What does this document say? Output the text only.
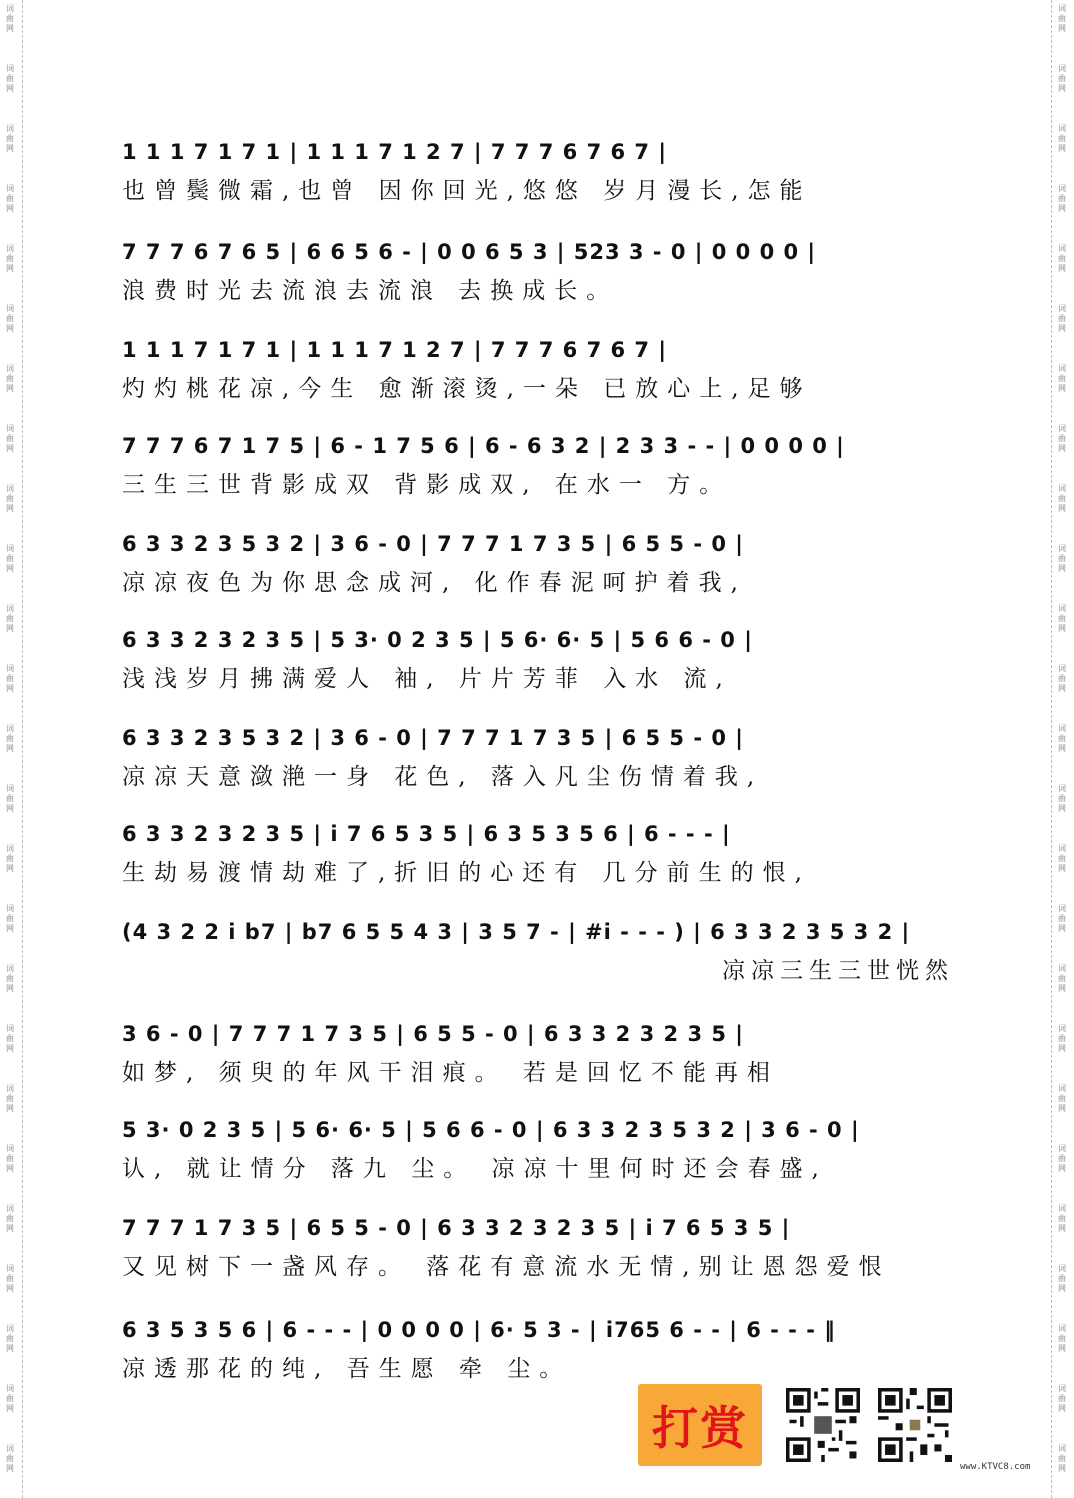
词
曲
网
词
曲
网
词
曲
网
词
曲
网
词
曲
网
词
曲
网
词
曲
网
词
曲
网
词
曲
网
词
曲
网
词
曲
网
词
曲
网
词
曲
网
词
曲
网
词
曲
网
词
曲
网
词
曲
网
词
曲
网
词
曲
网
词
曲
网
词
曲
网
词
曲
网
词
曲
网
词
曲
网
词
曲
网
词
曲
网
词
曲
网
词
曲
网
词
曲
网
词
曲
网
词
曲
网
词
曲
网
词
曲
网
词
曲
网
词
曲
网
词
曲
网
词
曲
网
词
曲
网
词
曲
网
词
曲
网
词
曲
网
词
曲
网
词
曲
网
词
曲
网
词
曲
网
词
曲
网
词
曲
网
词
曲
网
词
曲
网
词
曲
网
1 1 1 7 1 7 1 | 1 1 1 7 1 2 7 | 7 7 7 6 7 6 7 |
也曾鬓微霜,也曾 因你回光,悠悠 岁月漫长,怎能
7 7 7 6 7 6 5 | 6 6 5 6 - | 0 0 6 5 3 | 523 3 - 0 | 0 0 0 0 |
浪费时光去流浪去流浪 去换成长。
1 1 1 7 1 7 1 | 1 1 1 7 1 2 7 | 7 7 7 6 7 6 7 |
灼灼桃花凉,今生 愈渐滚烫,一朵 已放心上,足够
7 7 7 6 7 1 7 5 | 6 - 1 7 5 6 | 6 - 6 3 2 | 2 3 3 - - | 0 0 0 0 |
三生三世背影成双 背影成双, 在水一 方。
6 3 3 2 3 5 3 2 | 3 6 - 0 | 7 7 7 1 7 3 5 | 6 5 5 - 0 |
凉凉夜色为你思念成河, 化作春泥呵护着我,
6 3 3 2 3 2 3 5 | 5 3· 0 2 3 5 | 5 6· 6· 5 | 5 6 6 - 0 |
浅浅岁月拂满爱人 袖, 片片芳菲 入水 流,
6 3 3 2 3 5 3 2 | 3 6 - 0 | 7 7 7 1 7 3 5 | 6 5 5 - 0 |
凉凉天意潋滟一身 花色, 落入凡尘伤情着我,
6 3 3 2 3 2 3 5 | i 7 6 5 3 5 | 6 3 5 3 5 6 | 6 - - - |
生劫易渡情劫难了,折旧的心还有 几分前生的恨,
(4 3 2 2 i b7 | b7 6 5 5 4 3 | 3 5 7 - | #i - - - ) | 6 3 3 2 3 5 3 2 |
凉凉三生三世恍然
3 6 - 0 | 7 7 7 1 7 3 5 | 6 5 5 - 0 | 6 3 3 2 3 2 3 5 |
如梦, 须臾的年风干泪痕。 若是回忆不能再相
5 3· 0 2 3 5 | 5 6· 6· 5 | 5 6 6 - 0 | 6 3 3 2 3 5 3 2 | 3 6 - 0 |
认, 就让情分 落九 尘。 凉凉十里何时还会春盛,
7 7 7 1 7 3 5 | 6 5 5 - 0 | 6 3 3 2 3 2 3 5 | i 7 6 5 3 5 |
又见树下一盏风存。 落花有意流水无情,别让恩怨爱恨
6 3 5 3 5 6 | 6 - - - | 0 0 0 0 | 6· 5 3 - | i765 6 - - | 6 - - - ‖
凉透那花的纯, 吾生愿 牵 尘。
打赏
www.KTVC8.com
